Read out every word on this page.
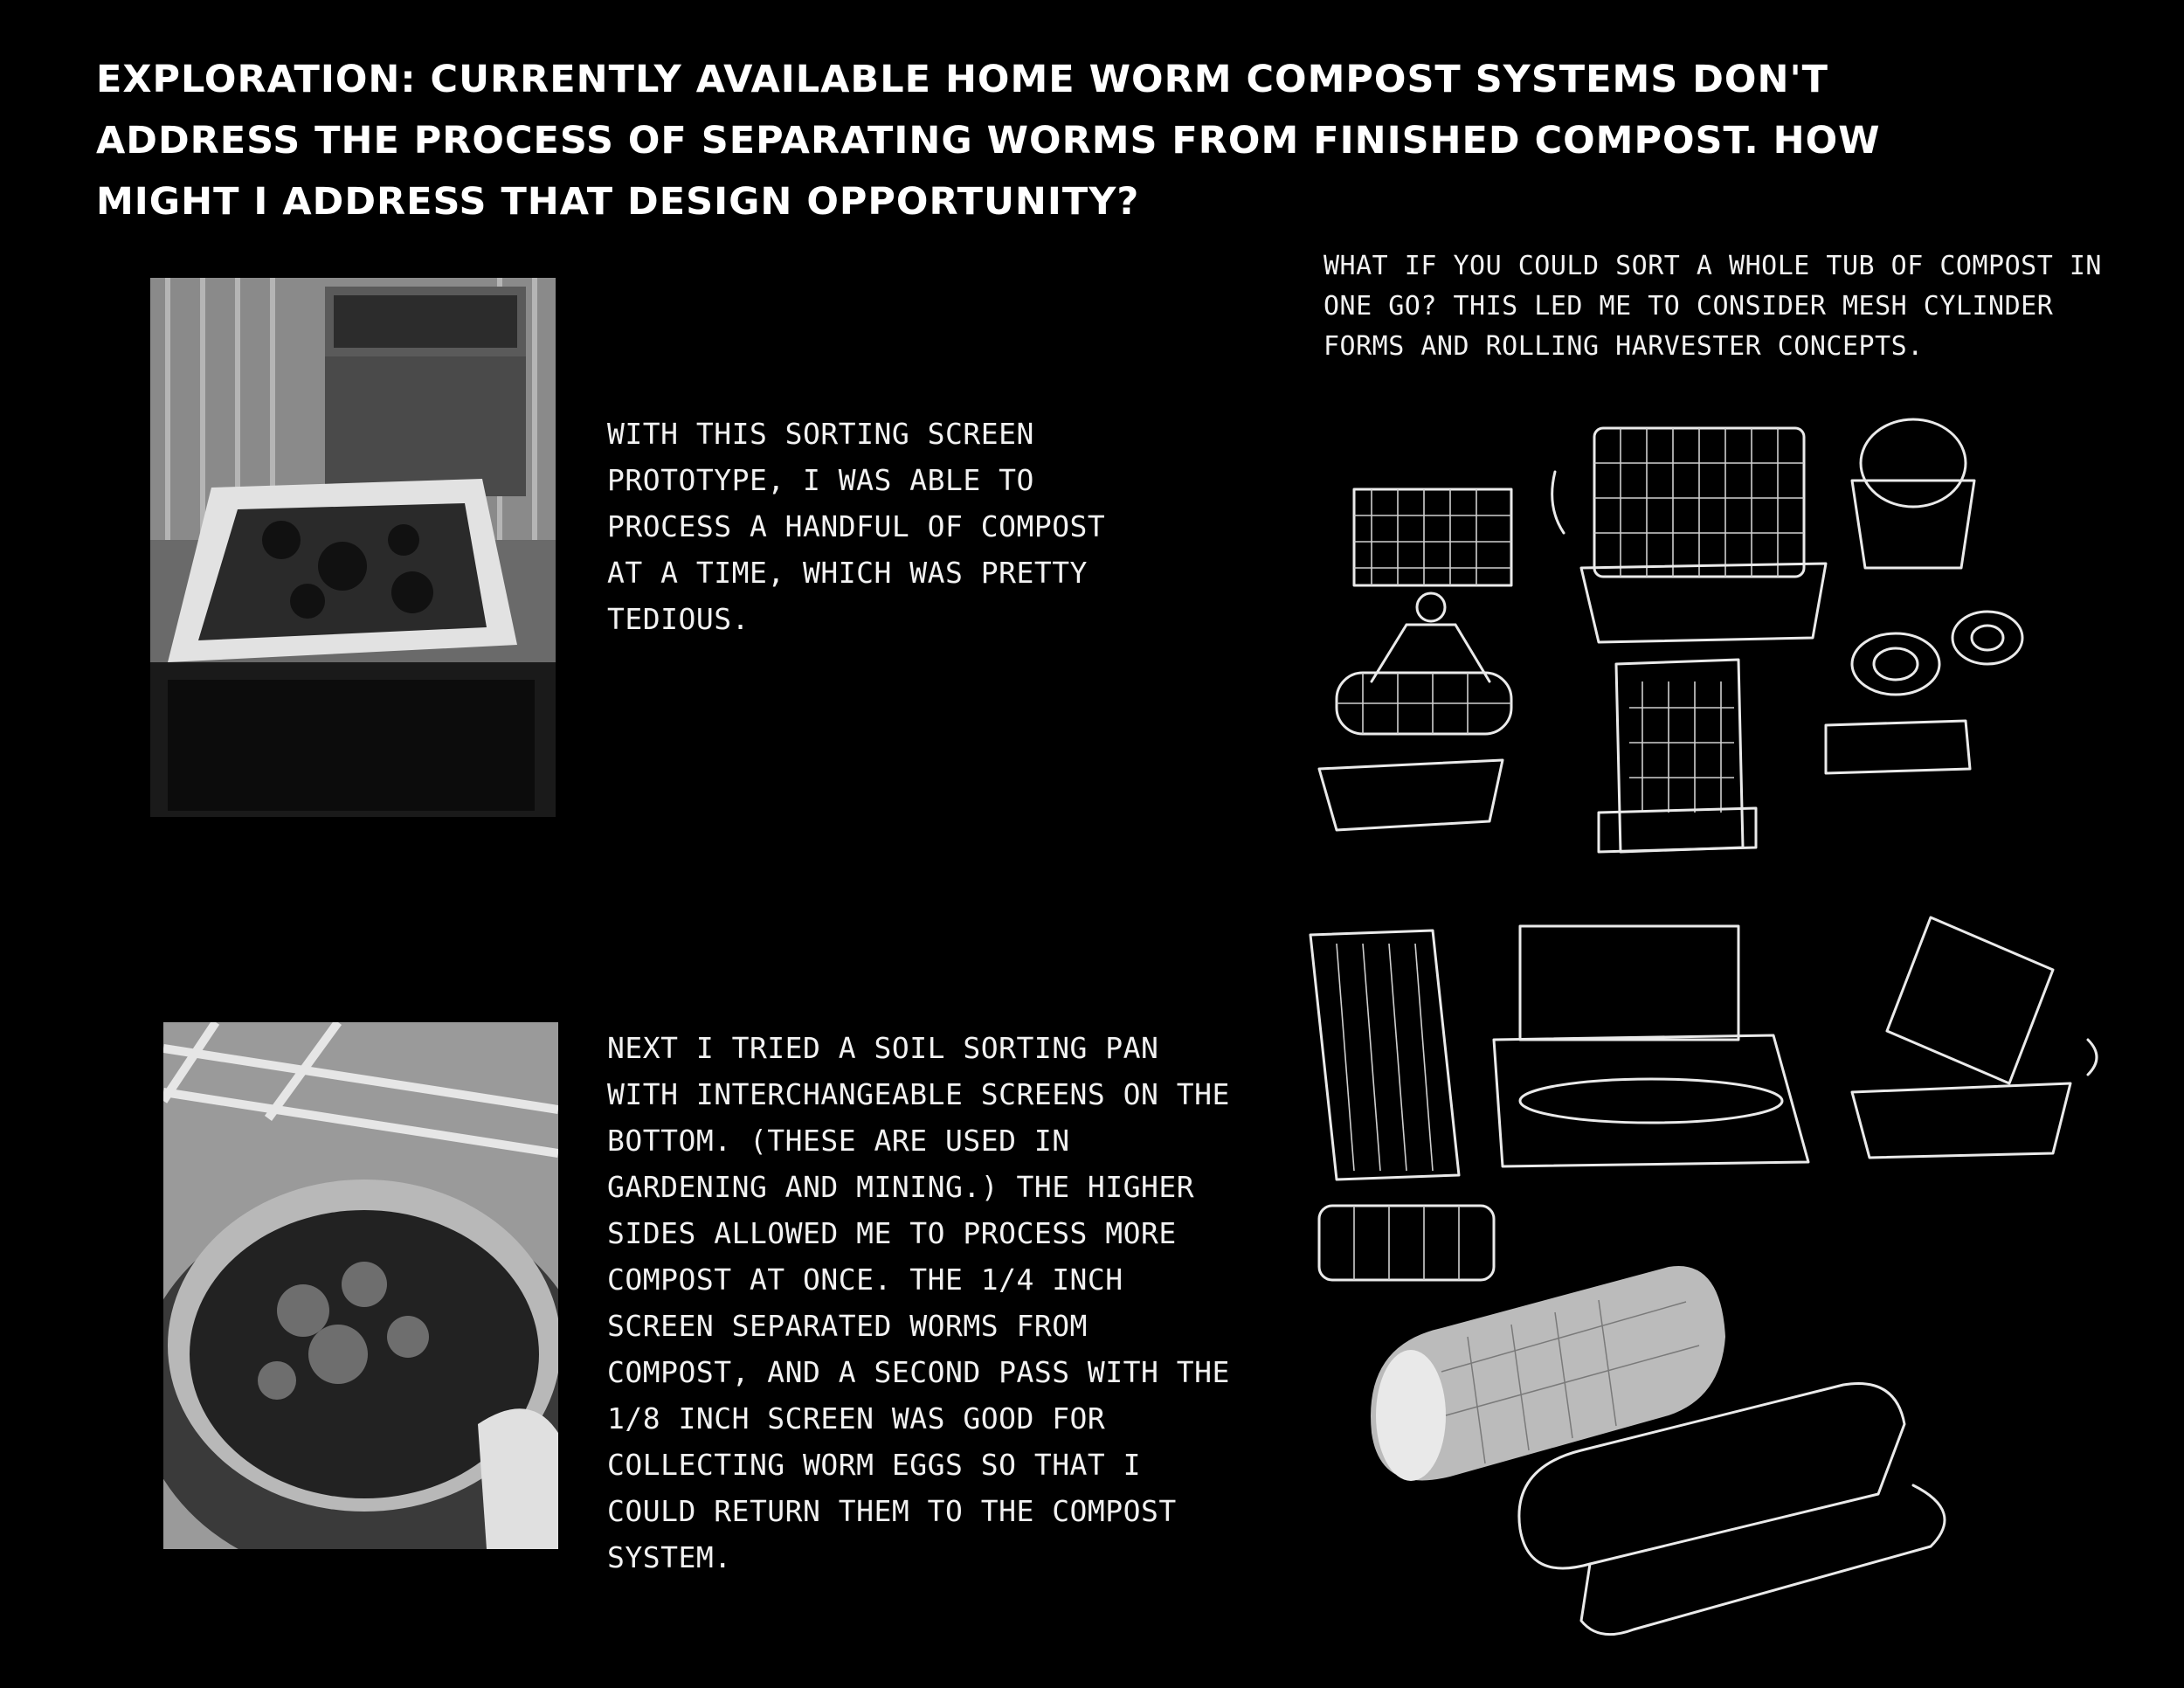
EXPLORATION: CURRENTLY AVAILABLE HOME WORM COMPOST SYSTEMS DON'T ADDRESS THE PROCESS OF SEPARATING WORMS FROM FINISHED COMPOST. HOW MIGHT I ADDRESS THAT DESIGN OPPORTUNITY?
WITH THIS SORTING SCREEN PROTOTYPE, I WAS ABLE TO PROCESS A HANDFUL OF COMPOST AT A TIME, WHICH WAS PRETTY TEDIOUS.
NEXT I TRIED A SOIL SORTING PAN WITH INTERCHANGEABLE SCREENS ON THE BOTTOM. (THESE ARE USED IN GARDENING AND MINING.) THE HIGHER SIDES ALLOWED ME TO PROCESS MORE COMPOST AT ONCE. THE 1/4 INCH SCREEN SEPARATED WORMS FROM COMPOST, AND A SECOND PASS WITH THE 1/8 INCH SCREEN WAS GOOD FOR COLLECTING WORM EGGS SO THAT I COULD RETURN THEM TO THE COMPOST SYSTEM.
WHAT IF YOU COULD SORT A WHOLE TUB OF COMPOST IN ONE GO? THIS LED ME TO CONSIDER MESH CYLINDER FORMS AND ROLLING HARVESTER CONCEPTS.
